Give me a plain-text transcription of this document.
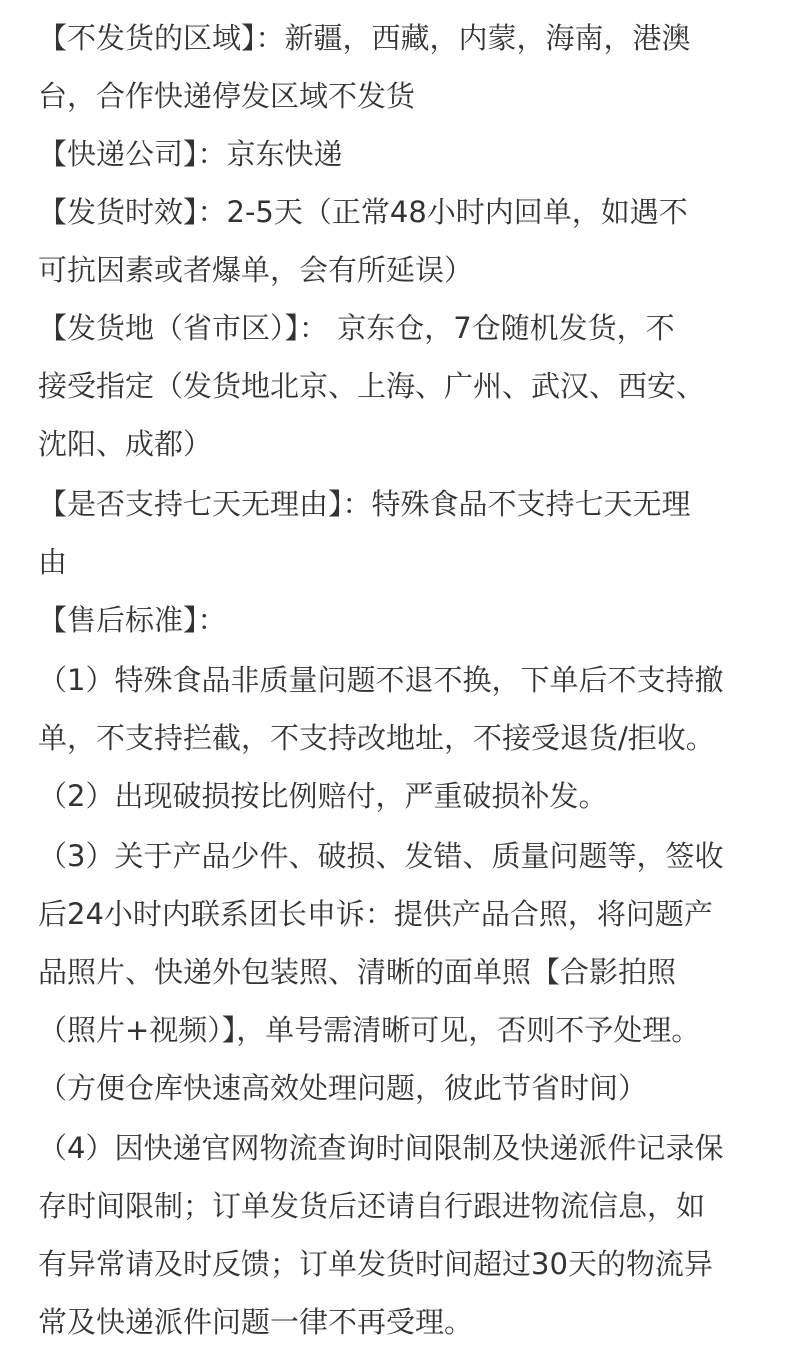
【不发货的区域】：新疆，西藏，内蒙，海南，港澳
台，合作快递停发区域不发货
【快递公司】：京东快递
【发货时效】：2-5天（正常48小时内回单，如遇不
可抗因素或者爆单，会有所延误）
【发货地（省市区）】： 京东仓，7仓随机发货，不
接受指定（发货地北京、上海、广州、武汉、西安、
沈阳、成都）
【是否支持七天无理由】：特殊食品不支持七天无理
由
【售后标准】：
（1）特殊食品非质量问题不退不换，下单后不支持撤
单，不支持拦截，不支持改地址，不接受退货/拒收。
（2）出现破损按比例赔付，严重破损补发。
（3）关于产品少件、破损、发错、质量问题等，签收
后24小时内联系团长申诉：提供产品合照，将问题产
品照片、快递外包装照、清晰的面单照【合影拍照
（照片+视频）】，单号需清晰可见，否则不予处理。
（方便仓库快速高效处理问题，彼此节省时间）
（4）因快递官网物流查询时间限制及快递派件记录保
存时间限制；订单发货后还请自行跟进物流信息，如
有异常请及时反馈；订单发货时间超过30天的物流异
常及快递派件问题一律不再受理。
